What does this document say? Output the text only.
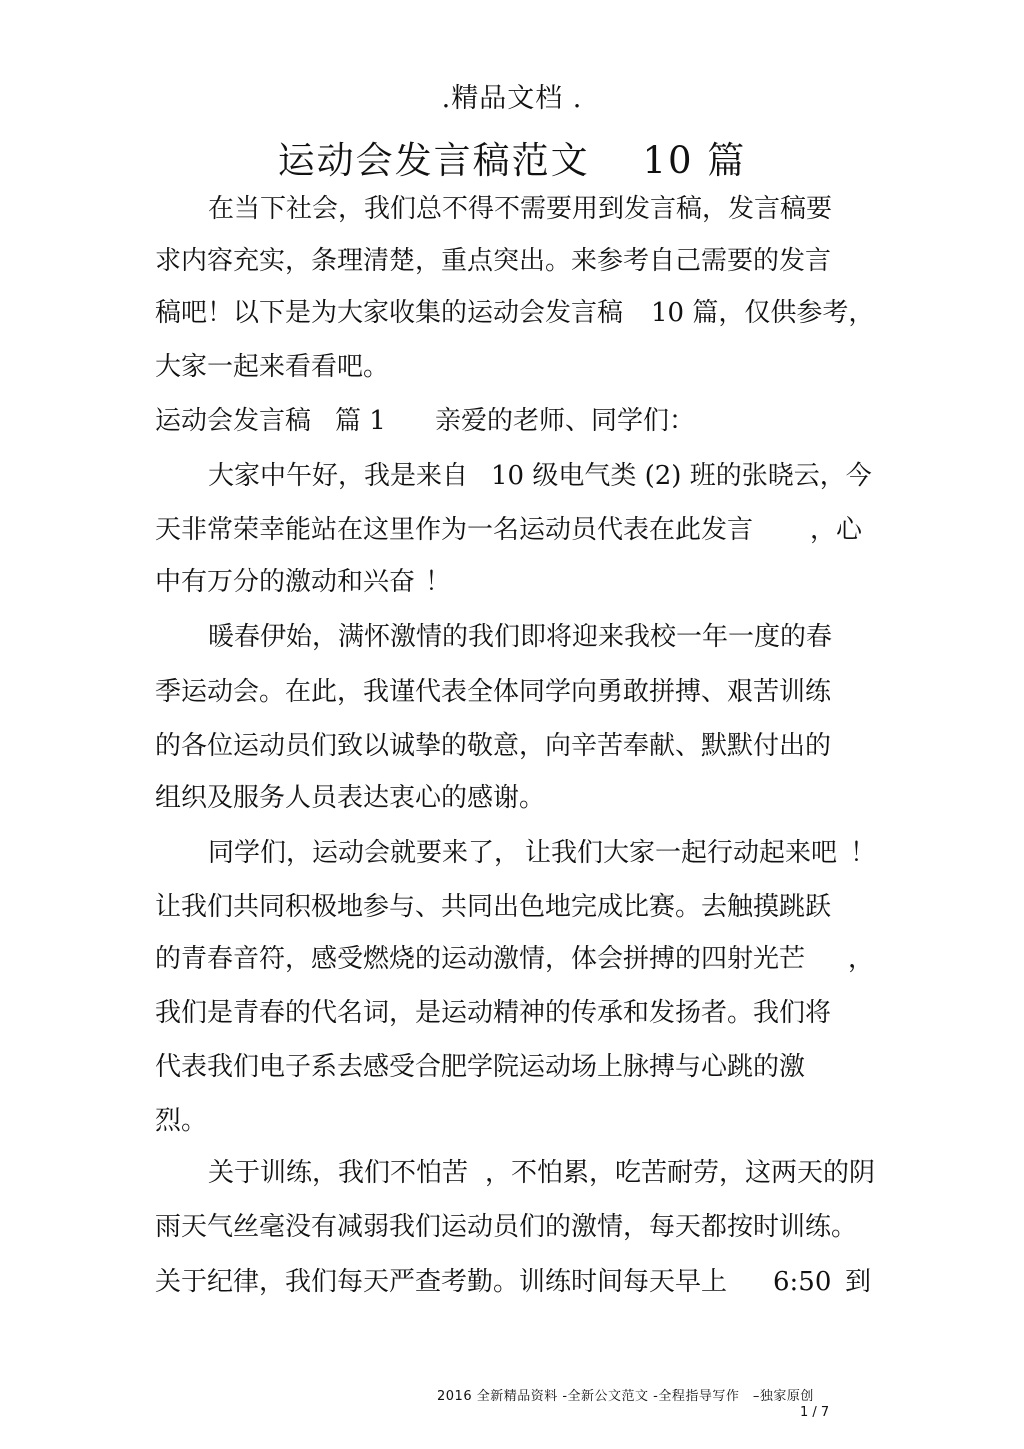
.精品文档 .
运动会发言稿范文　 10 篇
在当下社会，我们总不得不需要用到发言稿，发言稿要
求内容充实，条理清楚，重点突出。来参考自己需要的发言
稿吧！以下是为大家收集的运动会发言稿 10 篇，仅供参考，
大家一起来看看吧。
运动会发言稿 篇 1 亲爱的老师、同学们：
大家中午好，我是来自 10 级电气类 (2) 班的张晓云，今
天非常荣幸能站在这里作为一名运动员代表在此发言 ，心
中有万分的激动和兴奋 ！
暖春伊始，满怀激情的我们即将迎来我校一年一度的春
季运动会。在此，我谨代表全体同学向勇敢拼搏、艰苦训练
的各位运动员们致以诚挚的敬意，向辛苦奉献、默默付出的
组织及服务人员表达衷心的感谢。
同学们，运动会就要来了， 让我们大家一起行动起来吧 ！
让我们共同积极地参与、共同出色地完成比赛。去触摸跳跃
的青春音符，感受燃烧的运动激情，体会拼搏的四射光芒 ，
我们是青春的代名词，是运动精神的传承和发扬者。我们将
代表我们电子系去感受合肥学院运动场上脉搏与心跳的激
烈。
关于训练，我们不怕苦 ，不怕累，吃苦耐劳，这两天的阴
雨天气丝毫没有减弱我们运动员们的激情，每天都按时训练。
关于纪律，我们每天严查考勤。训练时间每天早上 6:50 到
2016 全新精品资料 -全新公文范文 -全程指导写作　–独家原创
1 / 7
